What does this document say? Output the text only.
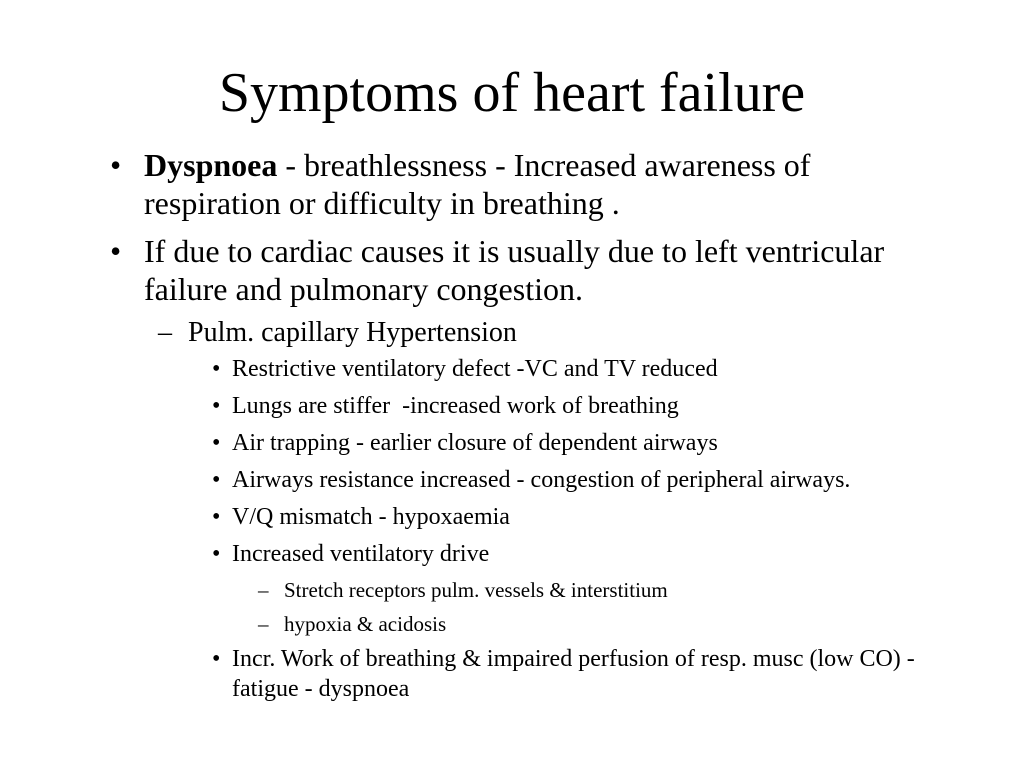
Symptoms of heart failure
• Dyspnoea - breathlessness - Increased awareness of respiration or difficulty in breathing .
• If due to cardiac causes it is usually due to left ventricular failure and pulmonary congestion.
– Pulm. capillary Hypertension
• Restrictive ventilatory defect -VC and TV reduced
• Lungs are stiffer  -increased work of breathing
• Air trapping - earlier closure of dependent airways
• Airways resistance increased - congestion of peripheral airways.
• V/Q mismatch - hypoxaemia
• Increased ventilatory drive
– Stretch receptors pulm. vessels & interstitium
– hypoxia & acidosis
• Incr. Work of breathing & impaired perfusion of resp. musc (low CO) - fatigue - dyspnoea
